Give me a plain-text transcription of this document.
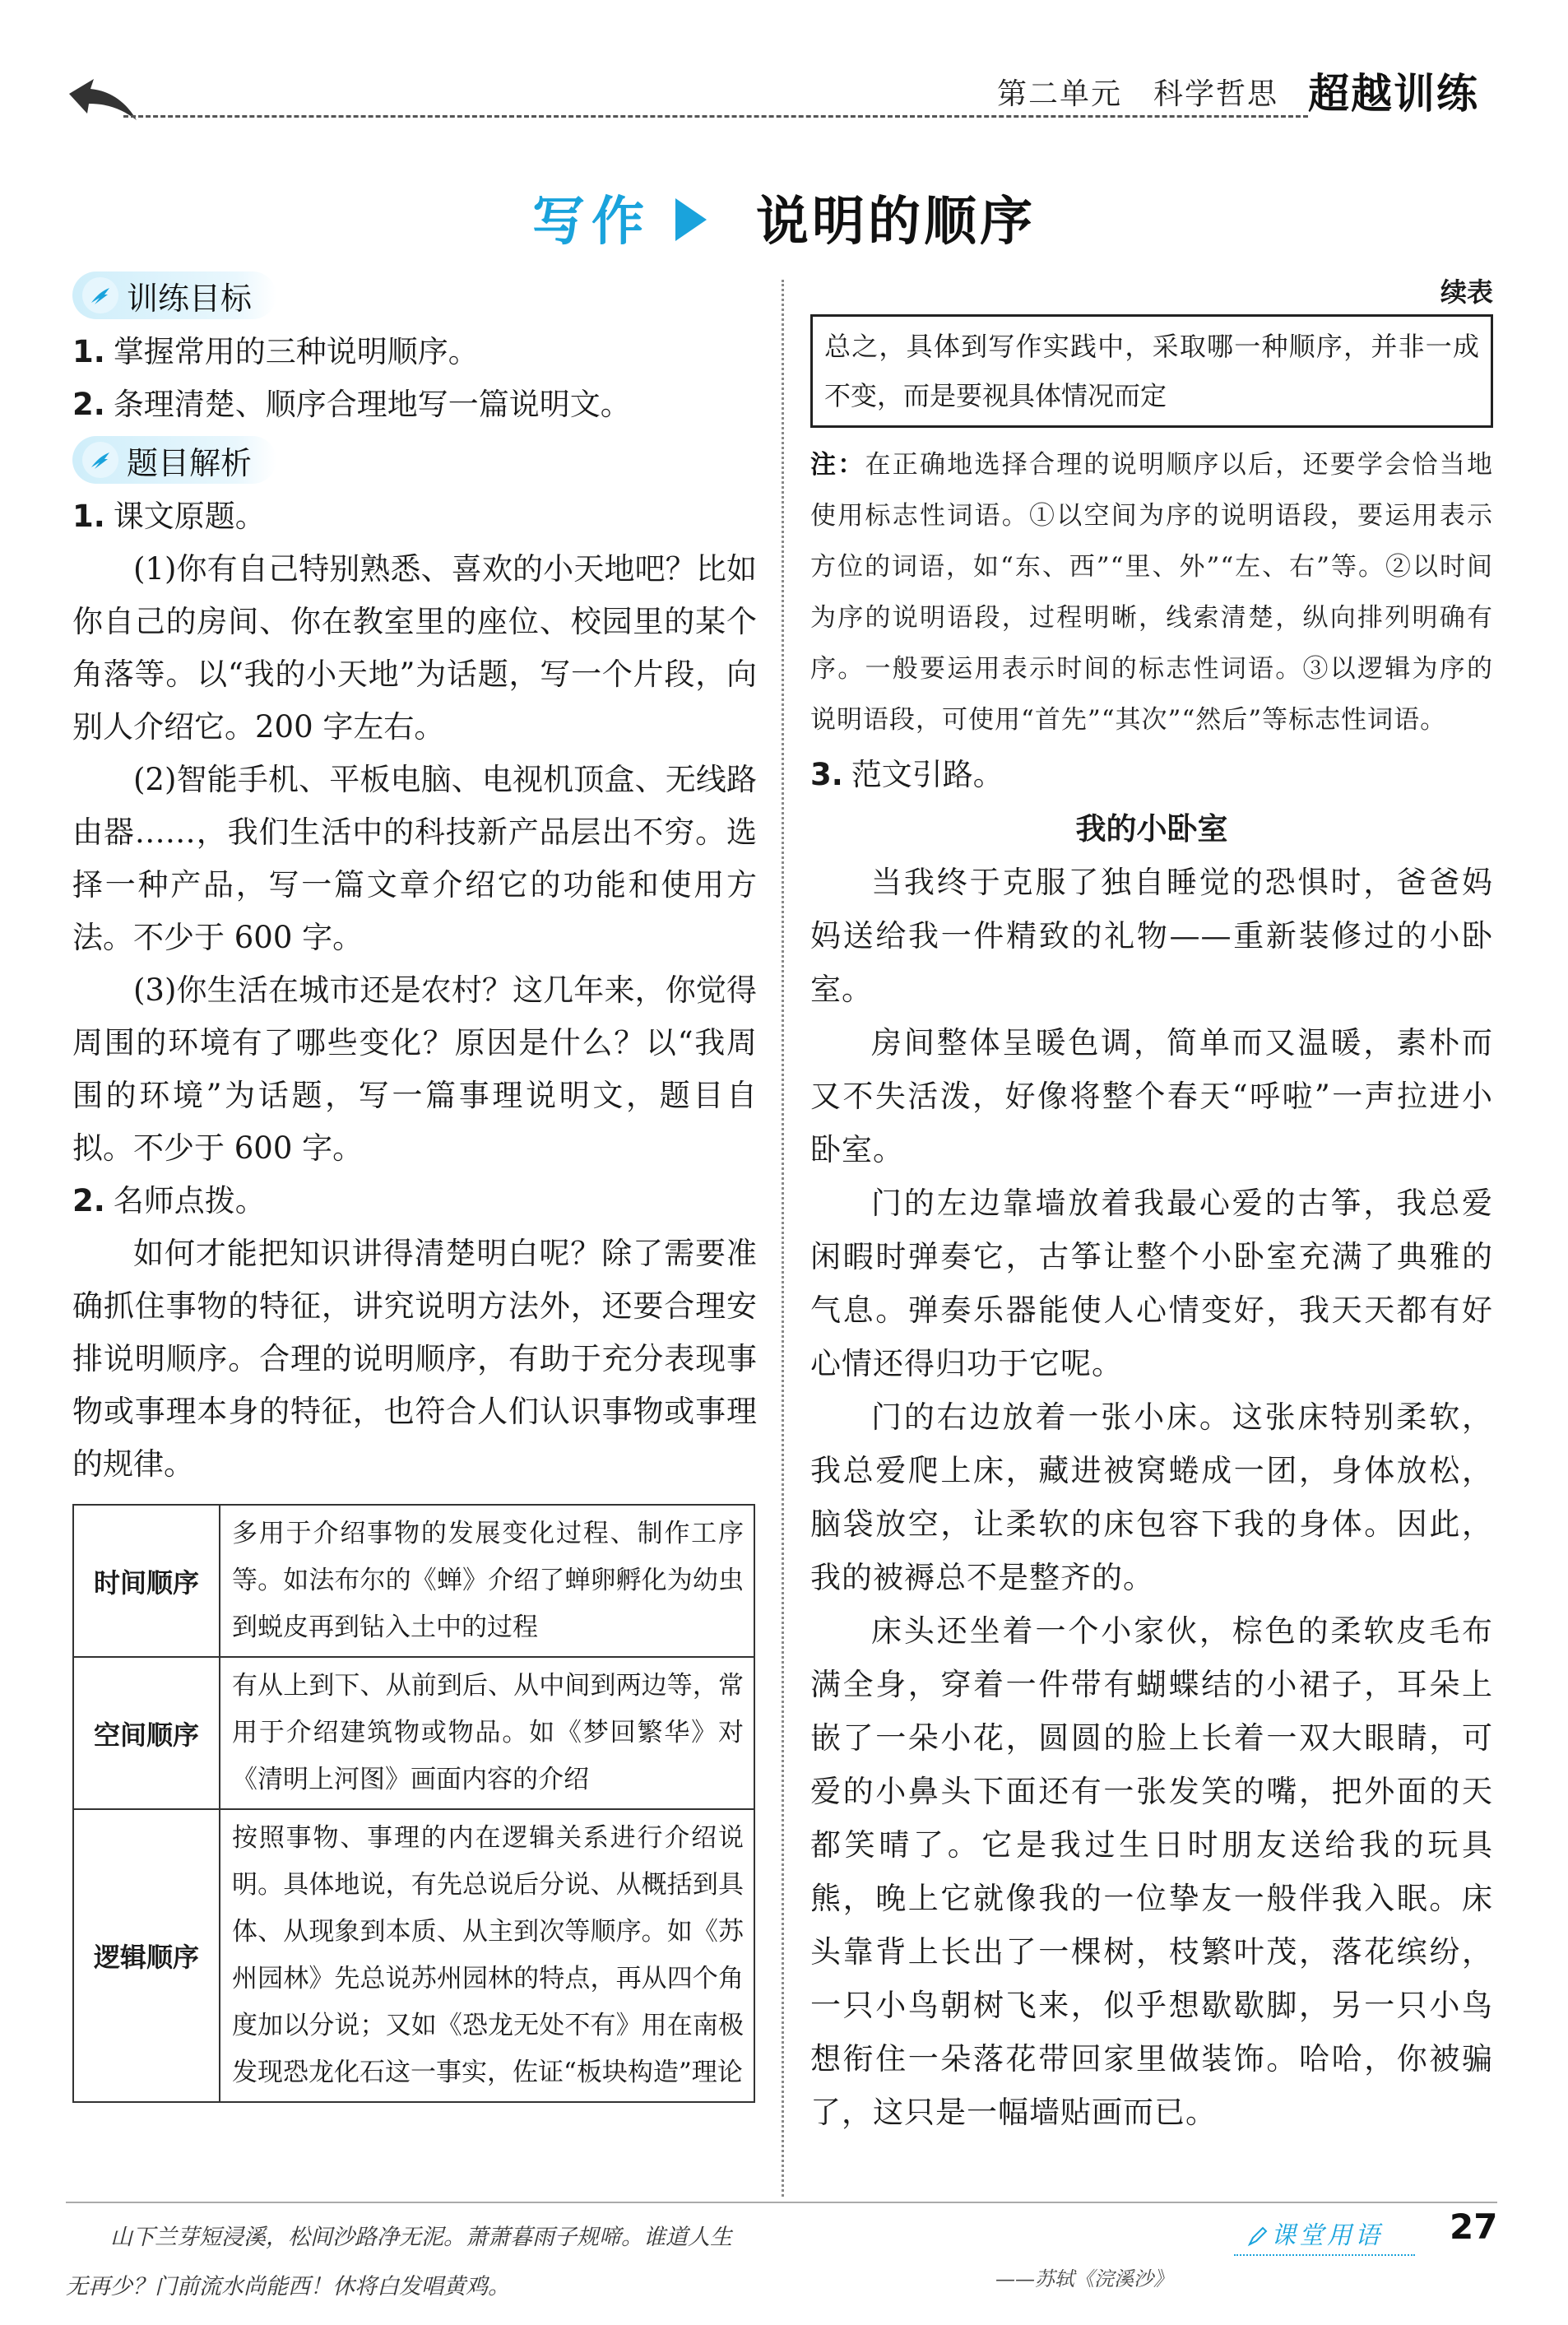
第二单元　科学哲思 超越训练
写作 说明的顺序
训练目标

1. 掌握常用的三种说明顺序。

2. 条理清楚、顺序合理地写一篇说明文。

题目解析

1. 课文原题。

(1)你有自己特别熟悉、喜欢的小天地吧？比如你自己的房间、你在教室里的座位、校园里的某个角落等。以“我的小天地”为话题，写一个片段，向别人介绍它。200 字左右。

(2)智能手机、平板电脑、电视机顶盒、无线路由器……，我们生活中的科技新产品层出不穷。选择一种产品，写一篇文章介绍它的功能和使用方法。不少于 600 字。

(3)你生活在城市还是农村？这几年来，你觉得周围的环境有了哪些变化？原因是什么？以“我周围的环境”为话题，写一篇事理说明文，题目自拟。不少于 600 字。

2. 名师点拨。

如何才能把知识讲得清楚明白呢？除了需要准确抓住事物的特征，讲究说明方法外，还要合理安排说明顺序。合理的说明顺序，有助于充分表现事物或事理本身的特征，也符合人们认识事物或事理的规律。

时间顺序	多用于介绍事物的发展变化过程、制作工序等。如法布尔的《蝉》介绍了蝉卵孵化为幼虫到蜕皮再到钻入土中的过程
空间顺序	有从上到下、从前到后、从中间到两边等，常用于介绍建筑物或物品。如《梦回繁华》对《清明上河图》画面内容的介绍
逻辑顺序	按照事物、事理的内在逻辑关系进行介绍说明。具体地说，有先总说后分说、从概括到具体、从现象到本质、从主到次等顺序。如《苏州园林》先总说苏州园林的特点，再从四个角度加以分说；又如《恐龙无处不有》用在南极发现恐龙化石这一事实，佐证“板块构造”理论
续表
总之，具体到写作实践中，采取哪一种顺序，并非一成不变，而是要视具体情况而定

注：在正确地选择合理的说明顺序以后，还要学会恰当地使用标志性词语。①以空间为序的说明语段，要运用表示方位的词语，如“东、西”“里、外”“左、右”等。②以时间为序的说明语段，过程明晰，线索清楚，纵向排列明确有序。一般要运用表示时间的标志性词语。③以逻辑为序的说明语段，可使用“首先”“其次”“然后”等标志性词语。

3. 范文引路。

我的小卧室

当我终于克服了独自睡觉的恐惧时，爸爸妈妈送给我一件精致的礼物——重新装修过的小卧室。

房间整体呈暖色调，简单而又温暖，素朴而又不失活泼，好像将整个春天“呼啦”一声拉进小卧室。

门的左边靠墙放着我最心爱的古筝，我总爱闲暇时弹奏它，古筝让整个小卧室充满了典雅的气息。弹奏乐器能使人心情变好，我天天都有好心情还得归功于它呢。

门的右边放着一张小床。这张床特别柔软，我总爱爬上床，藏进被窝蜷成一团，身体放松，脑袋放空，让柔软的床包容下我的身体。因此，我的被褥总不是整齐的。

床头还坐着一个小家伙，棕色的柔软皮毛布满全身，穿着一件带有蝴蝶结的小裙子，耳朵上嵌了一朵小花，圆圆的脸上长着一双大眼睛，可爱的小鼻头下面还有一张发笑的嘴，把外面的天都笑晴了。它是我过生日时朋友送给我的玩具熊，晚上它就像我的一位挚友一般伴我入眠。床头靠背上长出了一棵树，枝繁叶茂，落花缤纷，一只小鸟朝树飞来，似乎想歇歇脚，另一只小鸟想衔住一朵落花带回家里做装饰。哈哈，你被骗了，这只是一幅墙贴画而已。

山下兰芽短浸溪，松间沙路净无泥。萧萧暮雨子规啼。谁道人生无再少？门前流水尚能西！休将白发唱黄鸡。	——苏轼《浣溪沙》
课堂用语 27
